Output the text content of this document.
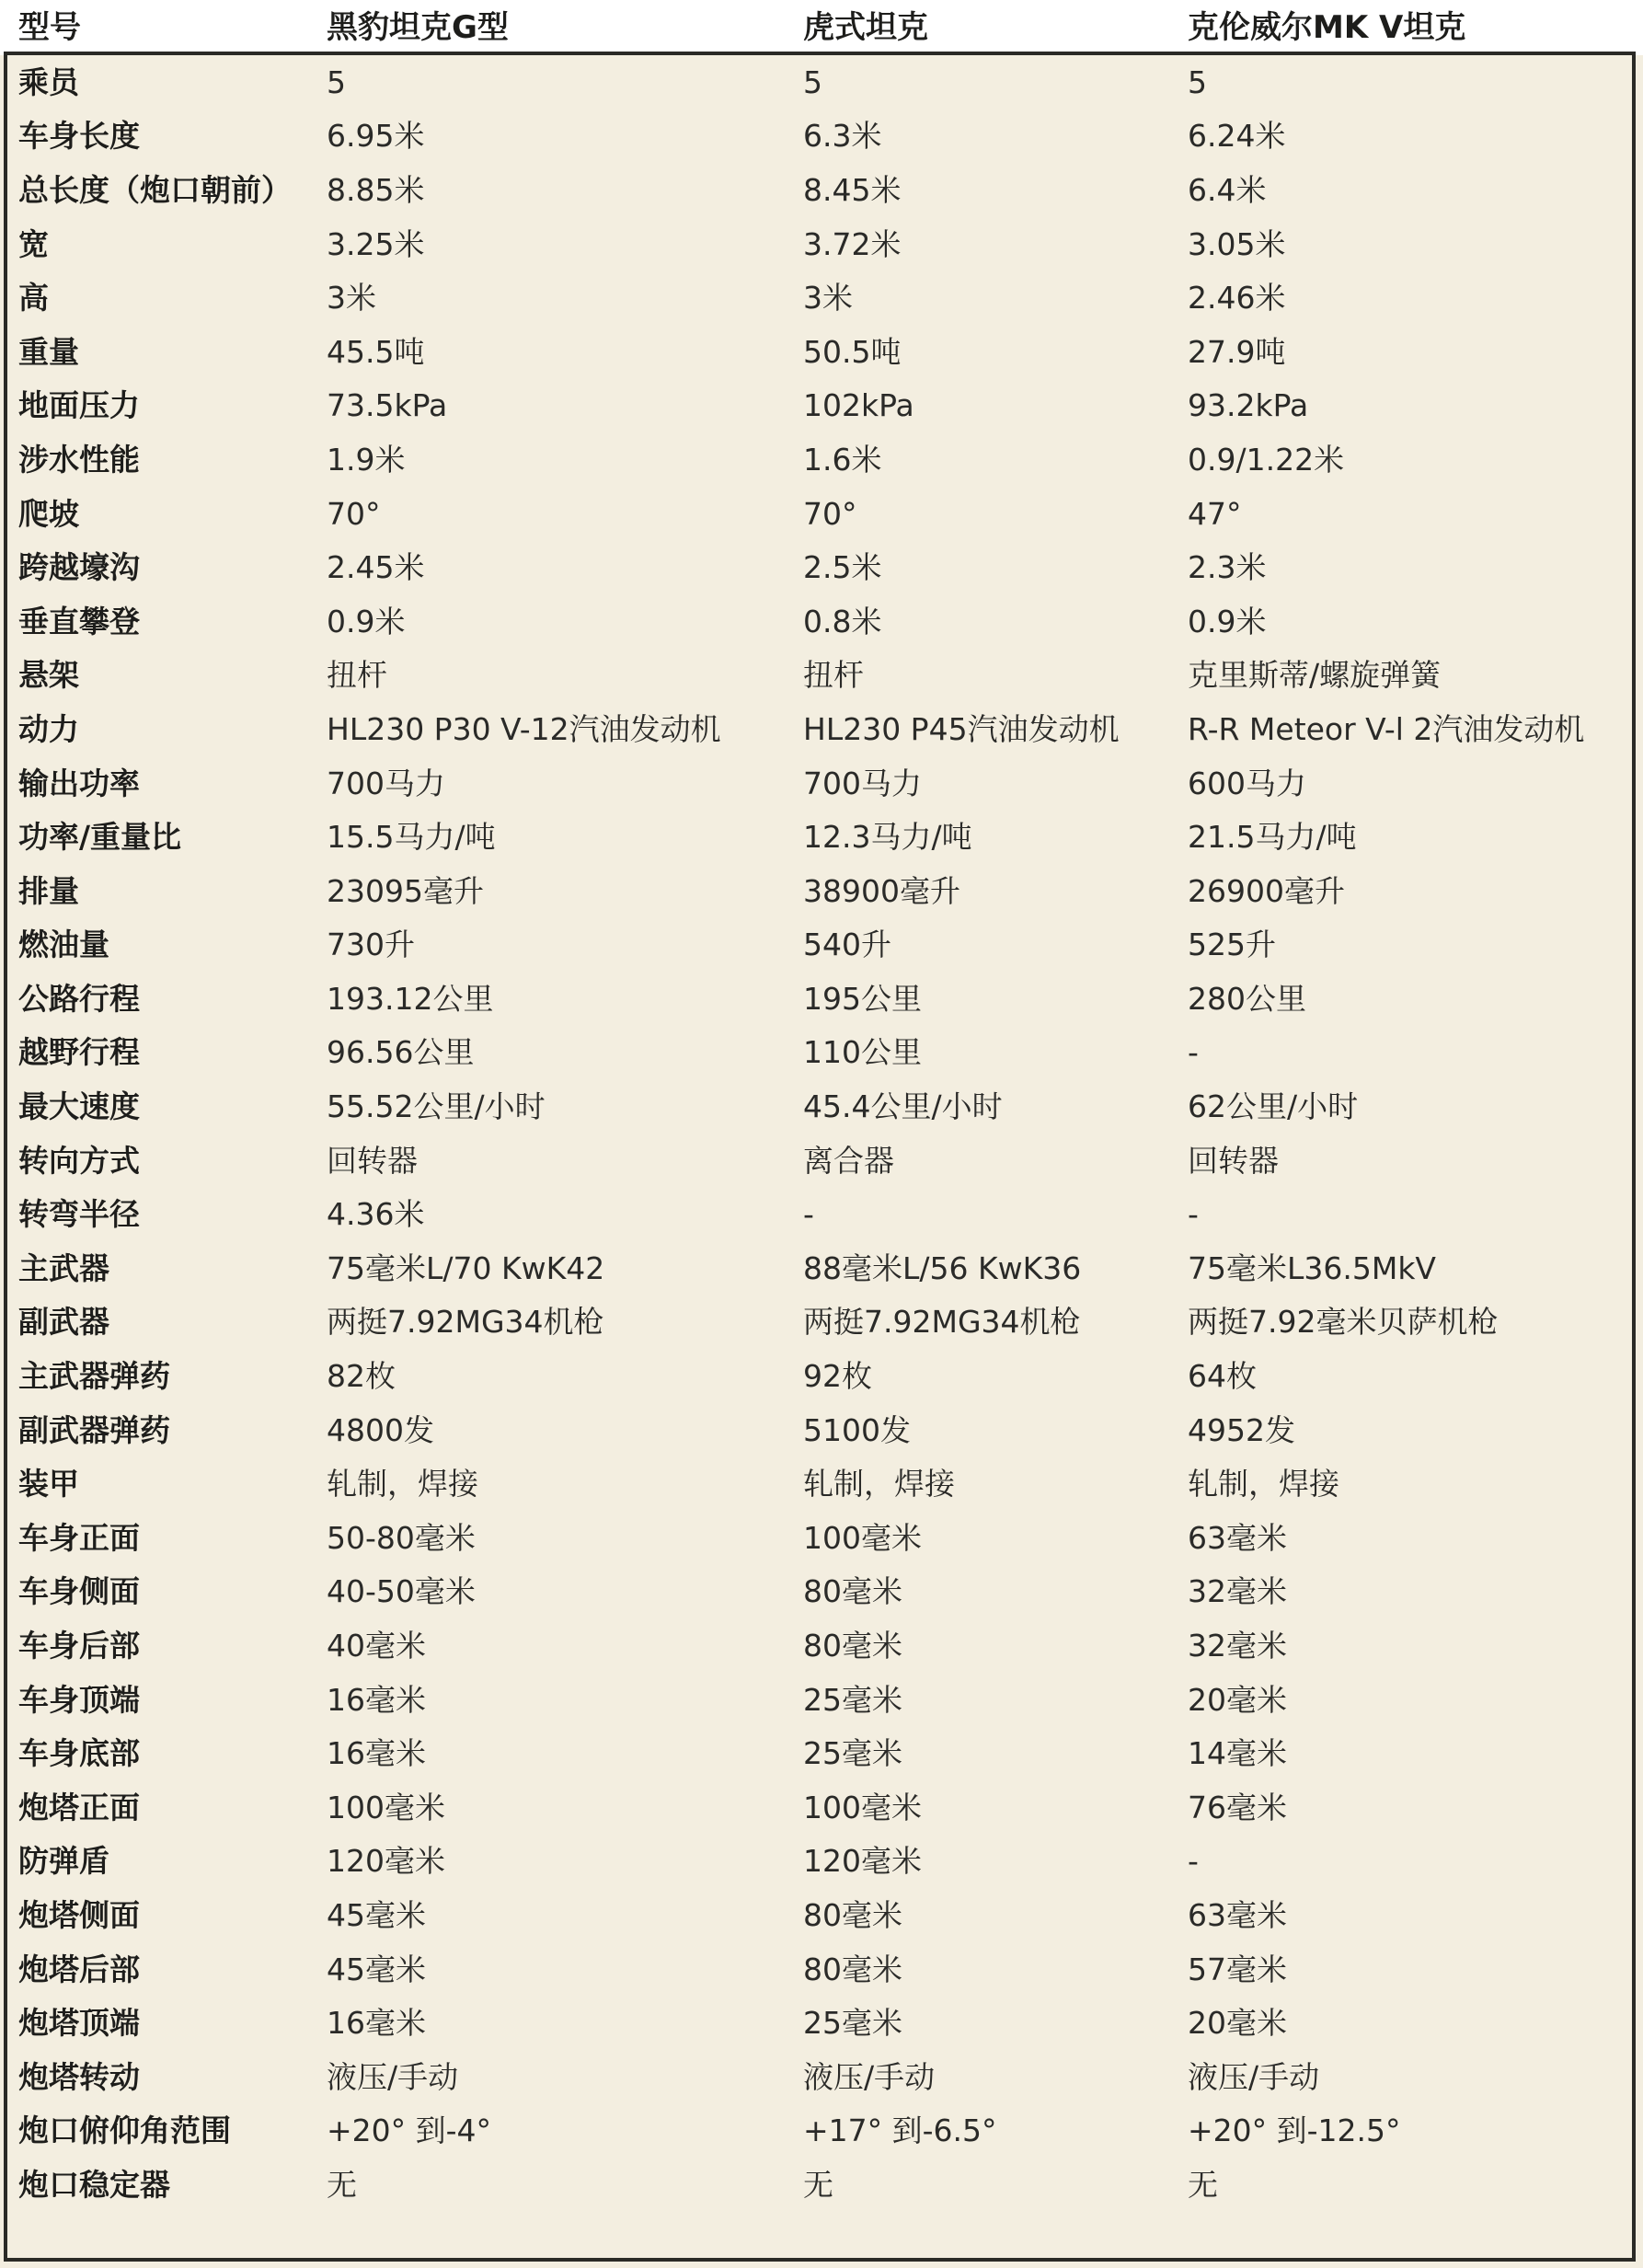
型号	黑豹坦克G型	虎式坦克	克伦威尔MK Ⅴ坦克
乘员	5	5	5
车身长度	6.95米	6.3米	6.24米
总长度（炮口朝前）	8.85米	8.45米	6.4米
宽	3.25米	3.72米	3.05米
高	3米	3米	2.46米
重量	45.5吨	50.5吨	27.9吨
地面压力	73.5kPa	102kPa	93.2kPa
涉水性能	1.9米	1.6米	0.9/1.22米
爬坡	70°	70°	47°
跨越壕沟	2.45米	2.5米	2.3米
垂直攀登	0.9米	0.8米	0.9米
悬架	扭杆	扭杆	克里斯蒂/螺旋弹簧
动力	HL230 P30 V-12汽油发动机	HL230 P45汽油发动机	R-R Meteor V-l 2汽油发动机
输出功率	700马力	700马力	600马力
功率/重量比	15.5马力/吨	12.3马力/吨	21.5马力/吨
排量	23095毫升	38900毫升	26900毫升
燃油量	730升	540升	525升
公路行程	193.12公里	195公里	280公里
越野行程	96.56公里	110公里	-
最大速度	55.52公里/小时	45.4公里/小时	62公里/小时
转向方式	回转器	离合器	回转器
转弯半径	4.36米	-	-
主武器	75毫米L/70 KwK42	88毫米L/56 KwK36	75毫米L36.5MkV
副武器	两挺7.92MG34机枪	两挺7.92MG34机枪	两挺7.92毫米贝萨机枪
主武器弹药	82枚	92枚	64枚
副武器弹药	4800发	5100发	4952发
装甲	轧制，焊接	轧制，焊接	轧制，焊接
车身正面	50-80毫米	100毫米	63毫米
车身侧面	40-50毫米	80毫米	32毫米
车身后部	40毫米	80毫米	32毫米
车身顶端	16毫米	25毫米	20毫米
车身底部	16毫米	25毫米	14毫米
炮塔正面	100毫米	100毫米	76毫米
防弹盾	120毫米	120毫米	-
炮塔侧面	45毫米	80毫米	63毫米
炮塔后部	45毫米	80毫米	57毫米
炮塔顶端	16毫米	25毫米	20毫米
炮塔转动	液压/手动	液压/手动	液压/手动
炮口俯仰角范围	+20° 到-4°	+17° 到-6.5°	+20° 到-12.5°
炮口稳定器	无	无	无
